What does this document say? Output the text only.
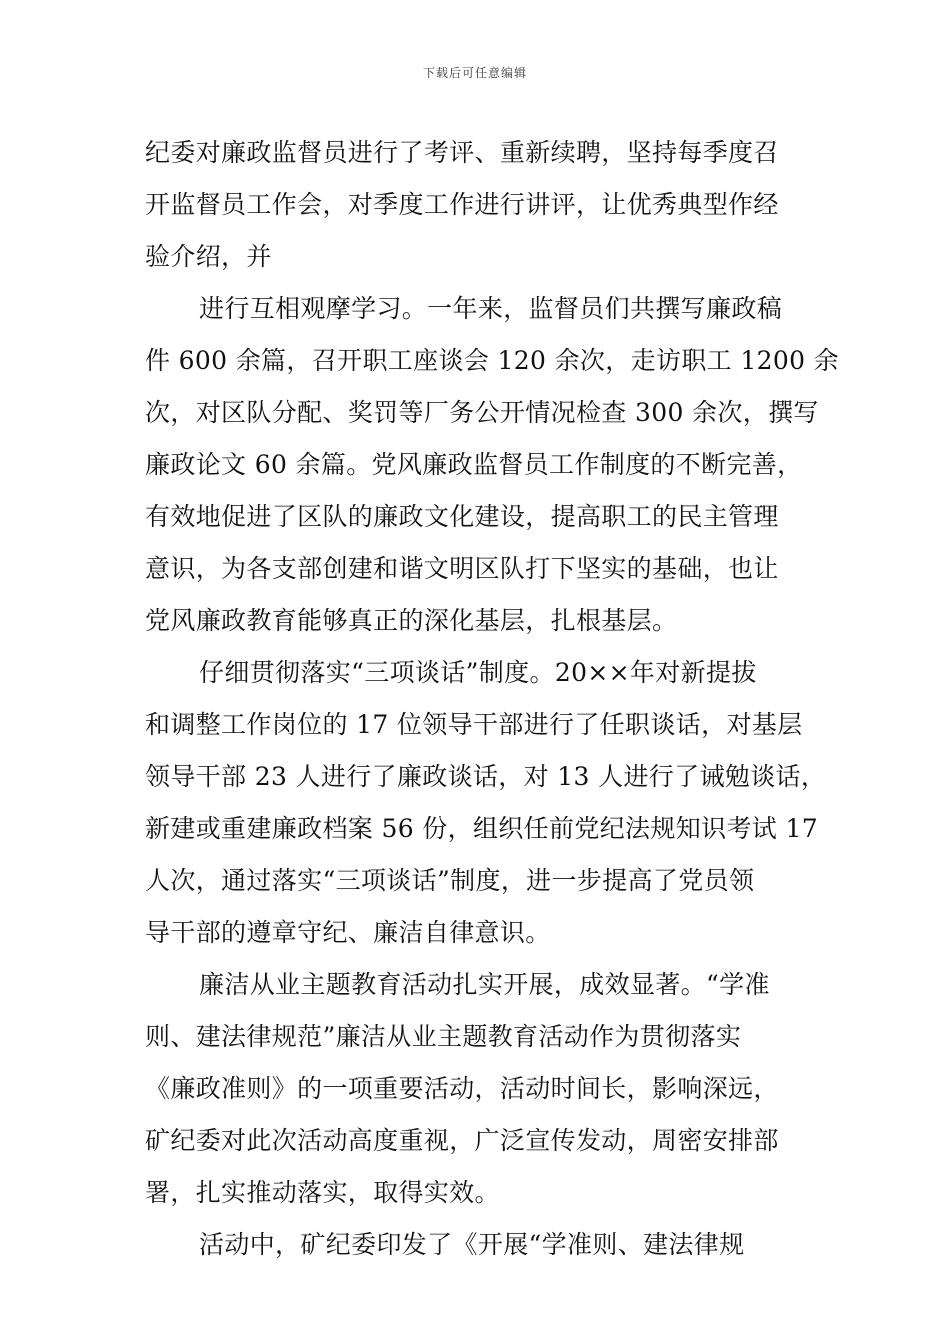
下载后可任意编辑
纪委对廉政监督员进行了考评、重新续聘，坚持每季度召
开监督员工作会，对季度工作进行讲评，让优秀典型作经
验介绍，并
进行互相观摩学习。一年来，监督员们共撰写廉政稿
件 600 余篇，召开职工座谈会 120 余次，走访职工 1200 余
次，对区队分配、奖罚等厂务公开情况检查 300 余次，撰写
廉政论文 60 余篇。党风廉政监督员工作制度的不断完善，
有效地促进了区队的廉政文化建设，提高职工的民主管理
意识，为各支部创建和谐文明区队打下坚实的基础，也让
党风廉政教育能够真正的深化基层，扎根基层。
仔细贯彻落实“三项谈话”制度。20××年对新提拔
和调整工作岗位的 17 位领导干部进行了任职谈话，对基层
领导干部 23 人进行了廉政谈话，对 13 人进行了诫勉谈话，
新建或重建廉政档案 56 份，组织任前党纪法规知识考试 17
人次，通过落实“三项谈话”制度，进一步提高了党员领
导干部的遵章守纪、廉洁自律意识。
廉洁从业主题教育活动扎实开展，成效显著。“学准
则、建法律规范”廉洁从业主题教育活动作为贯彻落实
《廉政准则》的一项重要活动，活动时间长，影响深远，
矿纪委对此次活动高度重视，广泛宣传发动，周密安排部
署，扎实推动落实，取得实效。
活动中，矿纪委印发了《开展“学准则、建法律规
